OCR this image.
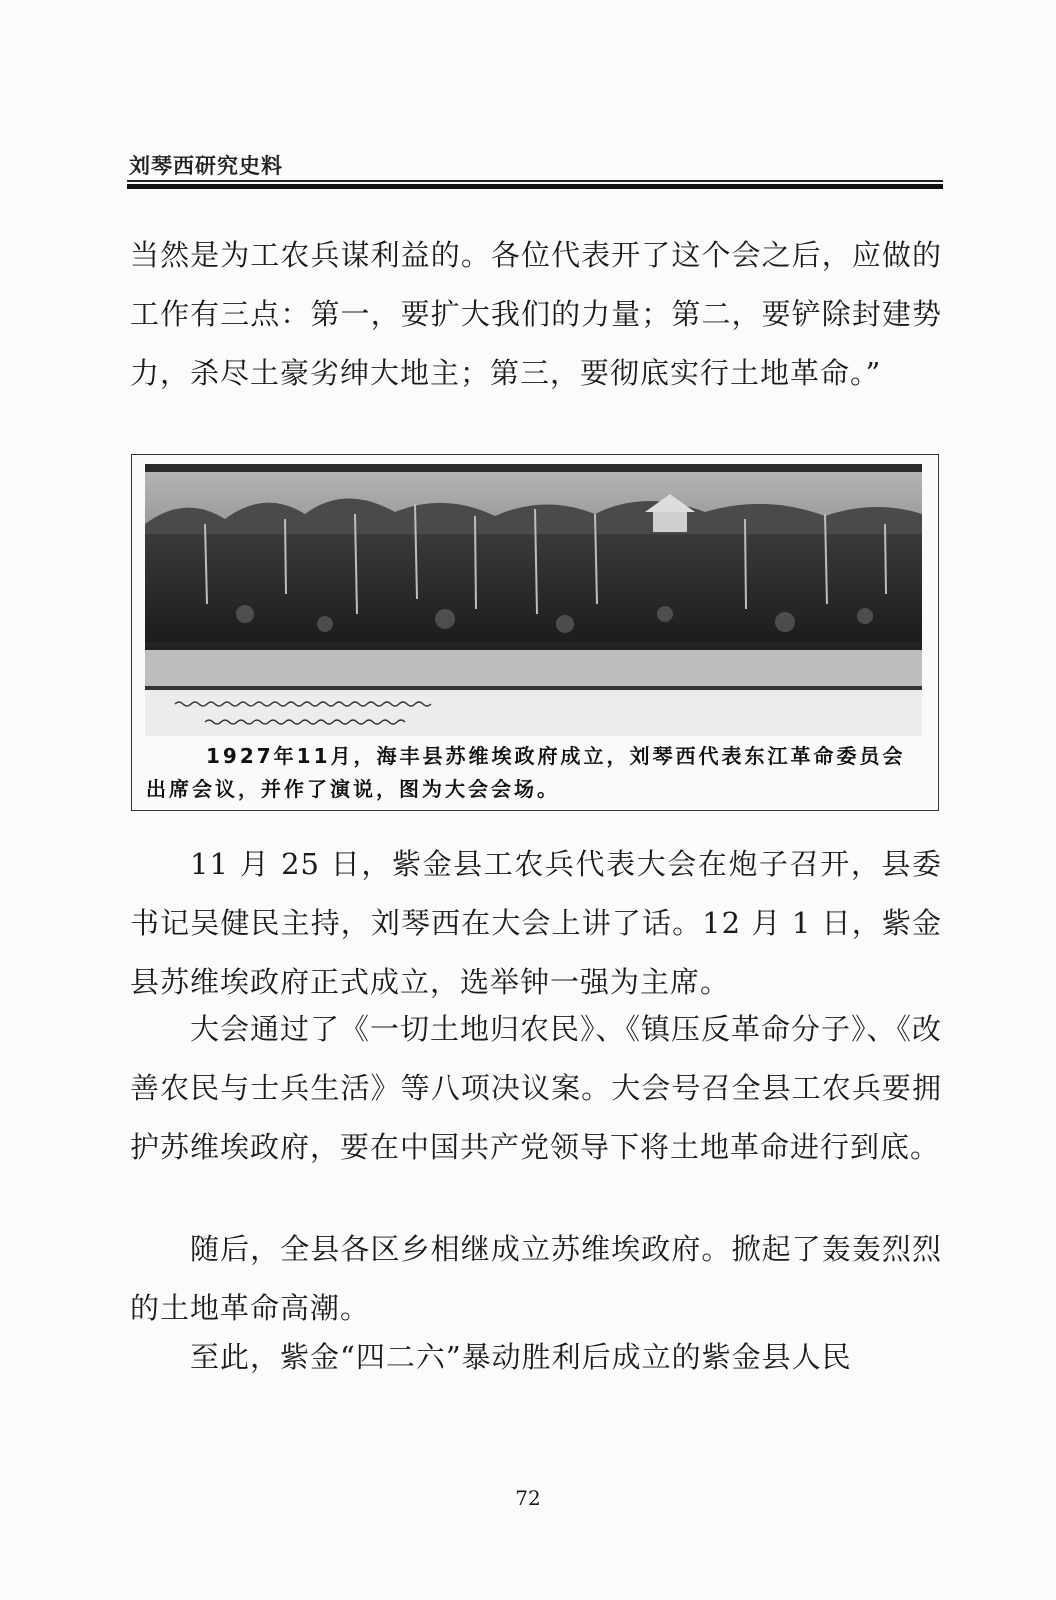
刘琴西研究史料

当然是为工农兵谋利益的。各位代表开了这个会之后，应做的工作有三点：第一，要扩大我们的力量；第二，要铲除封建势力，杀尽土豪劣绅大地主；第三，要彻底实行土地革命。”

1927年11月，海丰县苏维埃政府成立，刘琴西代表东江革命委员会出席会议，并作了演说，图为大会会场。

11 月 25 日，紫金县工农兵代表大会在炮子召开，县委书记吴健民主持，刘琴西在大会上讲了话。12 月 1 日，紫金县苏维埃政府正式成立，选举钟一强为主席。

大会通过了《一切土地归农民》、《镇压反革命分子》、《改善农民与士兵生活》等八项决议案。大会号召全县工农兵要拥护苏维埃政府，要在中国共产党领导下将土地革命进行到底。

随后，全县各区乡相继成立苏维埃政府。掀起了轰轰烈烈的土地革命高潮。

至此，紫金“四二六”暴动胜利后成立的紫金县人民

72
